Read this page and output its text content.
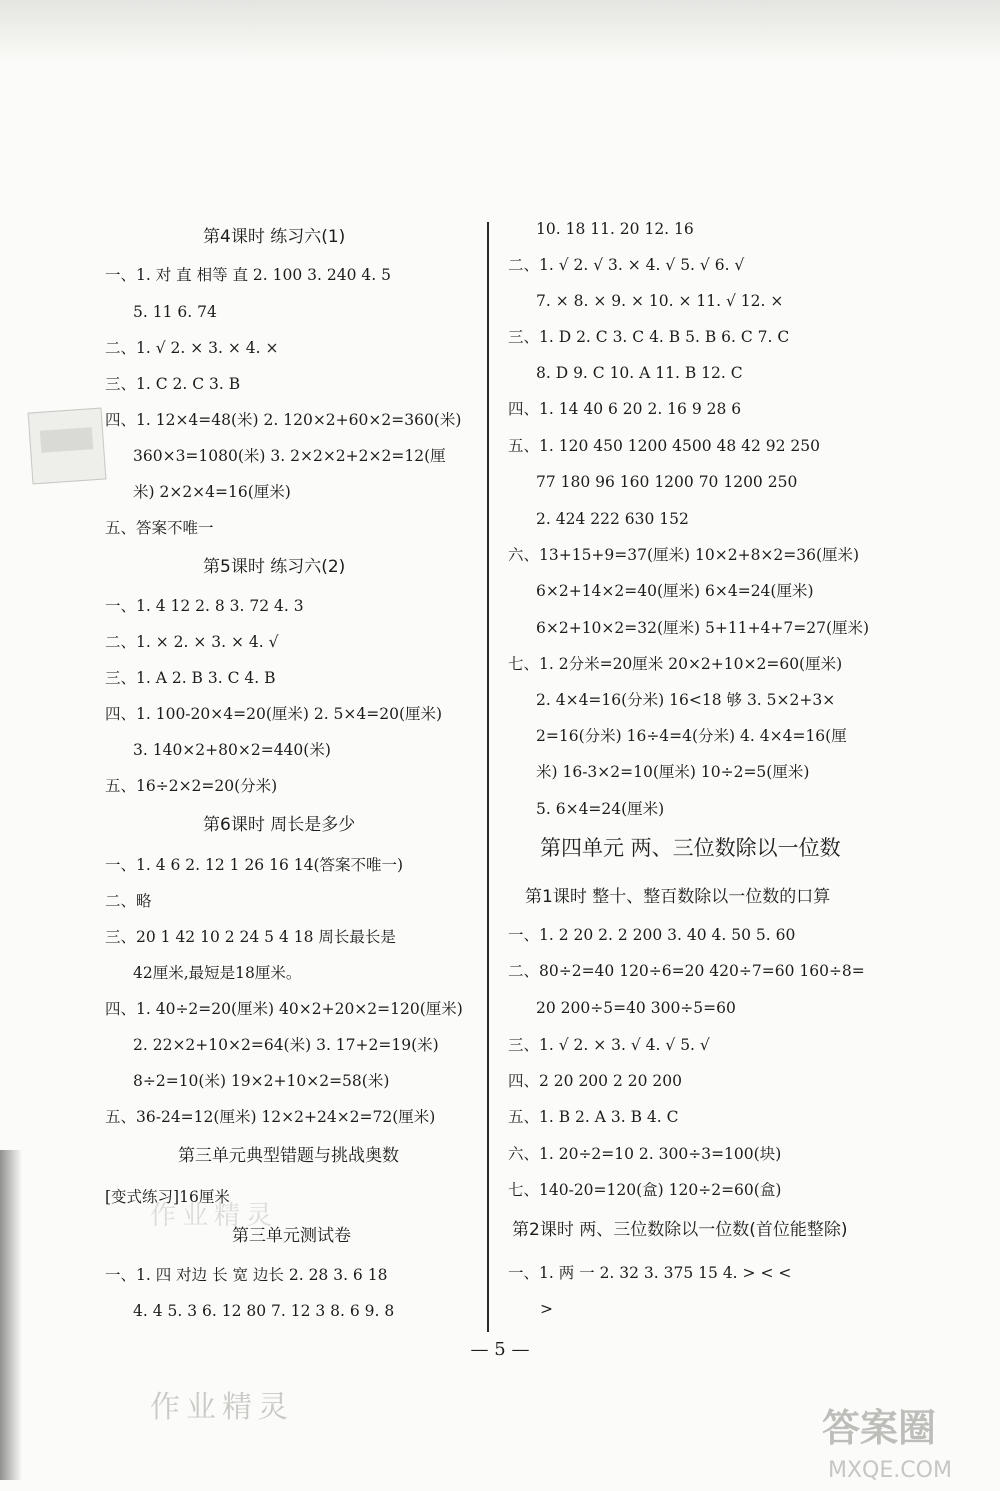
第4课时 练习六(1)
一、1. 对 直 相等 直 2. 100 3. 240 4. 5
5. 11 6. 74
二、1. √ 2. × 3. × 4. ×
三、1. C 2. C 3. B
四、1. 12×4=48(米) 2. 120×2+60×2=360(米)
360×3=1080(米) 3. 2×2×2+2×2=12(厘
米) 2×2×4=16(厘米)
五、答案不唯一
第5课时 练习六(2)
一、1. 4 12 2. 8 3. 72 4. 3
二、1. × 2. × 3. × 4. √
三、1. A 2. B 3. C 4. B
四、1. 100-20×4=20(厘米) 2. 5×4=20(厘米)
3. 140×2+80×2=440(米)
五、16÷2×2=20(分米)
第6课时 周长是多少
一、1. 4 6 2. 12 1 26 16 14(答案不唯一)
二、略
三、20 1 42 10 2 24 5 4 18 周长最长是
42厘米,最短是18厘米。
四、1. 40÷2=20(厘米) 40×2+20×2=120(厘米)
2. 22×2+10×2=64(米) 3. 17+2=19(米)
8÷2=10(米) 19×2+10×2=58(米)
五、36-24=12(厘米) 12×2+24×2=72(厘米)
第三单元典型错题与挑战奥数
[变式练习]16厘米
作业精灵
第三单元测试卷
一、1. 四 对边 长 宽 边长 2. 28 3. 6 18
4. 4 5. 3 6. 12 80 7. 12 3 8. 6 9. 8
10. 18 11. 20 12. 16
二、1. √ 2. √ 3. × 4. √ 5. √ 6. √
7. × 8. × 9. × 10. × 11. √ 12. ×
三、1. D 2. C 3. C 4. B 5. B 6. C 7. C
8. D 9. C 10. A 11. B 12. C
四、1. 14 40 6 20 2. 16 9 28 6
五、1. 120 450 1200 4500 48 42 92 250
77 180 96 160 1200 70 1200 250
2. 424 222 630 152
六、13+15+9=37(厘米) 10×2+8×2=36(厘米)
6×2+14×2=40(厘米) 6×4=24(厘米)
6×2+10×2=32(厘米) 5+11+4+7=27(厘米)
七、1. 2分米=20厘米 20×2+10×2=60(厘米)
2. 4×4=16(分米) 16<18 够 3. 5×2+3×
2=16(分米) 16÷4=4(分米) 4. 4×4=16(厘
米) 16-3×2=10(厘米) 10÷2=5(厘米)
5. 6×4=24(厘米)
第四单元 两、三位数除以一位数
第1课时 整十、整百数除以一位数的口算
一、1. 2 20 2. 2 200 3. 40 4. 50 5. 60
二、80÷2=40 120÷6=20 420÷7=60 160÷8=
20 200÷5=40 300÷5=60
三、1. √ 2. × 3. √ 4. √ 5. √
四、2 20 200 2 20 200
五、1. B 2. A 3. B 4. C
六、1. 20÷2=10 2. 300÷3=100(块)
七、140-20=120(盒) 120÷2=60(盒)
第2课时 两、三位数除以一位数(首位能整除)
一、1. 两 一 2. 32 3. 375 15 4. > < <
>
— 5 —
作业精灵	答案圈
MXQE.COM
